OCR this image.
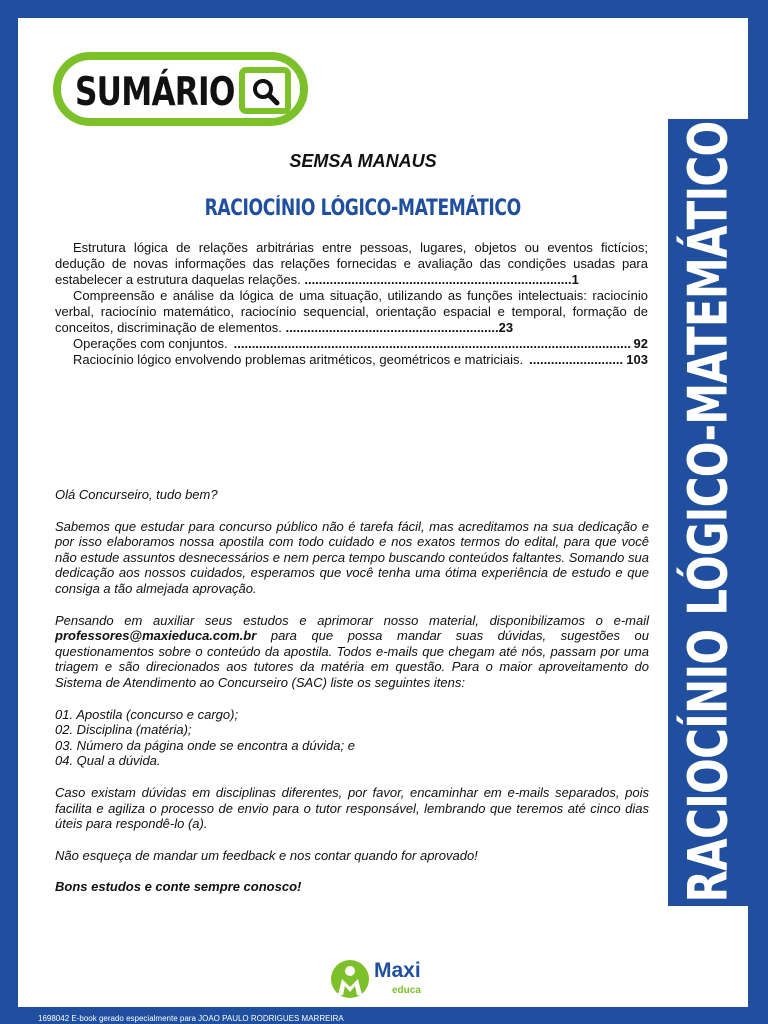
SUMÁRIO
SEMSA MANAUS
RACIOCÍNIO LÓGICO-MATEMÁTICO
Estrutura lógica de relações arbitrárias entre pessoas, lugares, objetos ou eventos fictícios; dedução de novas informações das relações fornecidas e avaliação das condições usadas para estabelecer a estrutura daquelas relações. ..........................................................................1
Compreensão e análise da lógica de uma situação, utilizando as funções intelectuais: raciocínio verbal, raciocínio matemático, raciocínio sequencial, orientação espacial e temporal, formação de conceitos, discriminação de elementos. ...........................................................23
Operações com conjuntos. .....	92
Raciocínio lógico envolvendo problemas aritméticos, geométricos e matriciais. .....	103

Olá Concurseiro, tudo bem?

Sabemos que estudar para concurso público não é tarefa fácil, mas acreditamos na sua dedicação e por isso elaboramos nossa apostila com todo cuidado e nos exatos termos do edital, para que você não estude assuntos desnecessários e nem perca tempo buscando conteúdos faltantes. Somando sua dedicação aos nossos cuidados, esperamos que você tenha uma ótima experiência de estudo e que consiga a tão almejada aprovação.

Pensando em auxiliar seus estudos e aprimorar nosso material, disponibilizamos o e-mail professores@maxieduca.com.br para que possa mandar suas dúvidas, sugestões ou questionamentos sobre o conteúdo da apostila. Todos e-mails que chegam até nós, passam por uma triagem e são direcionados aos tutores da matéria em questão. Para o maior aproveitamento do Sistema de Atendimento ao Concurseiro (SAC) liste os seguintes itens:

01. Apostila (concurso e cargo);
02. Disciplina (matéria);
03. Número da página onde se encontra a dúvida; e
04. Qual a dúvida.

Caso existam dúvidas em disciplinas diferentes, por favor, encaminhar em e-mails separados, pois facilita e agiliza o processo de envio para o tutor responsável, lembrando que teremos até cinco dias úteis para respondê-lo (a).

Não esqueça de mandar um feedback e nos contar quando for aprovado!

Bons estudos e conte sempre conosco!

Maxi
educa
RACIOCÍNIO LÓGICO-MATEMÁTICO
1698042 E-book gerado especialmente para JOAO PAULO RODRIGUES MARREIRA
